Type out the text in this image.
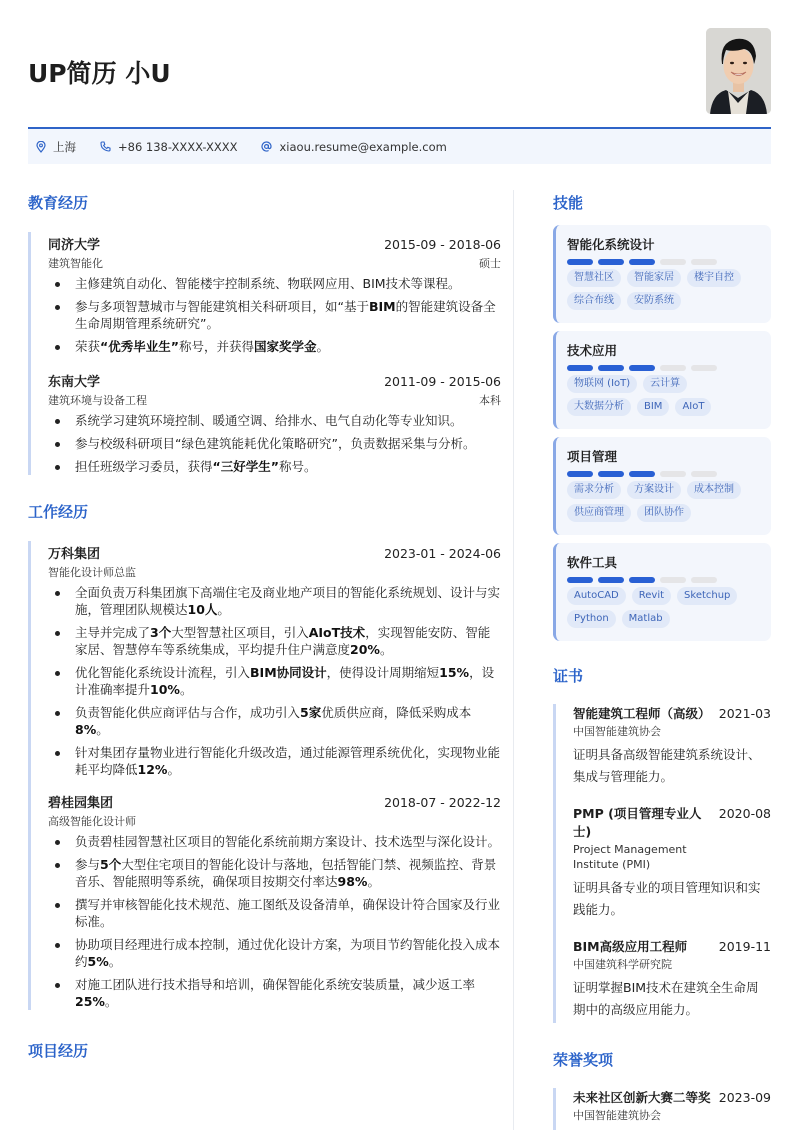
UP简历 小U
上海	+86 138-XXXX-XXXX	xiaou.resume@example.com
教育经历
同济大学	2015-09 - 2018-06
建筑智能化	硕士
主修建筑自动化、智能楼宇控制系统、物联网应用、BIM技术等课程。
参与多项智慧城市与智能建筑相关科研项目，如“基于BIM的智能建筑设备全生命周期管理系统研究”。
荣获“优秀毕业生”称号，并获得国家奖学金。
东南大学	2011-09 - 2015-06
建筑环境与设备工程	本科
系统学习建筑环境控制、暖通空调、给排水、电气自动化等专业知识。
参与校级科研项目“绿色建筑能耗优化策略研究”，负责数据采集与分析。
担任班级学习委员，获得“三好学生”称号。
工作经历
万科集团	2023-01 - 2024-06
智能化设计师总监
全面负责万科集团旗下高端住宅及商业地产项目的智能化系统规划、设计与实施，管理团队规模达10人。
主导并完成了3个大型智慧社区项目，引入AIoT技术，实现智能安防、智能家居、智慧停车等系统集成，平均提升住户满意度20%。
优化智能化系统设计流程，引入BIM协同设计，使得设计周期缩短15%，设计准确率提升10%。
负责智能化供应商评估与合作，成功引入5家优质供应商，降低采购成本8%。
针对集团存量物业进行智能化升级改造，通过能源管理系统优化，实现物业能耗平均降低12%。
碧桂园集团	2018-07 - 2022-12
高级智能化设计师
负责碧桂园智慧社区项目的智能化系统前期方案设计、技术选型与深化设计。
参与5个大型住宅项目的智能化设计与落地，包括智能门禁、视频监控、背景音乐、智能照明等系统，确保项目按期交付率达98%。
撰写并审核智能化技术规范、施工图纸及设备清单，确保设计符合国家及行业标准。
协助项目经理进行成本控制，通过优化设计方案，为项目节约智能化投入成本约5%。
对施工团队进行技术指导和培训，确保智能化系统安装质量，减少返工率25%。
项目经历
技能
智能化系统设计
智慧社区	智能家居	楼宇自控
综合布线	安防系统
技术应用
物联网 (IoT)	云计算
大数据分析	BIM	AIoT
项目管理
需求分析	方案设计	成本控制
供应商管理	团队协作
软件工具
AutoCAD	Revit	Sketchup
Python	Matlab
证书
智能建筑工程师（高级） 2021-03
中国智能建筑协会
证明具备高级智能建筑系统设计、集成与管理能力。
PMP (项目管理专业人士)
2020-08
Project Management Institute (PMI)
证明具备专业的项目管理知识和实践能力。
BIM高级应用工程师	2019-11
中国建筑科学研究院
证明掌握BIM技术在建筑全生命周期中的高级应用能力。
荣誉奖项
未来社区创新大赛二等奖 2023-09
中国智能建筑协会
